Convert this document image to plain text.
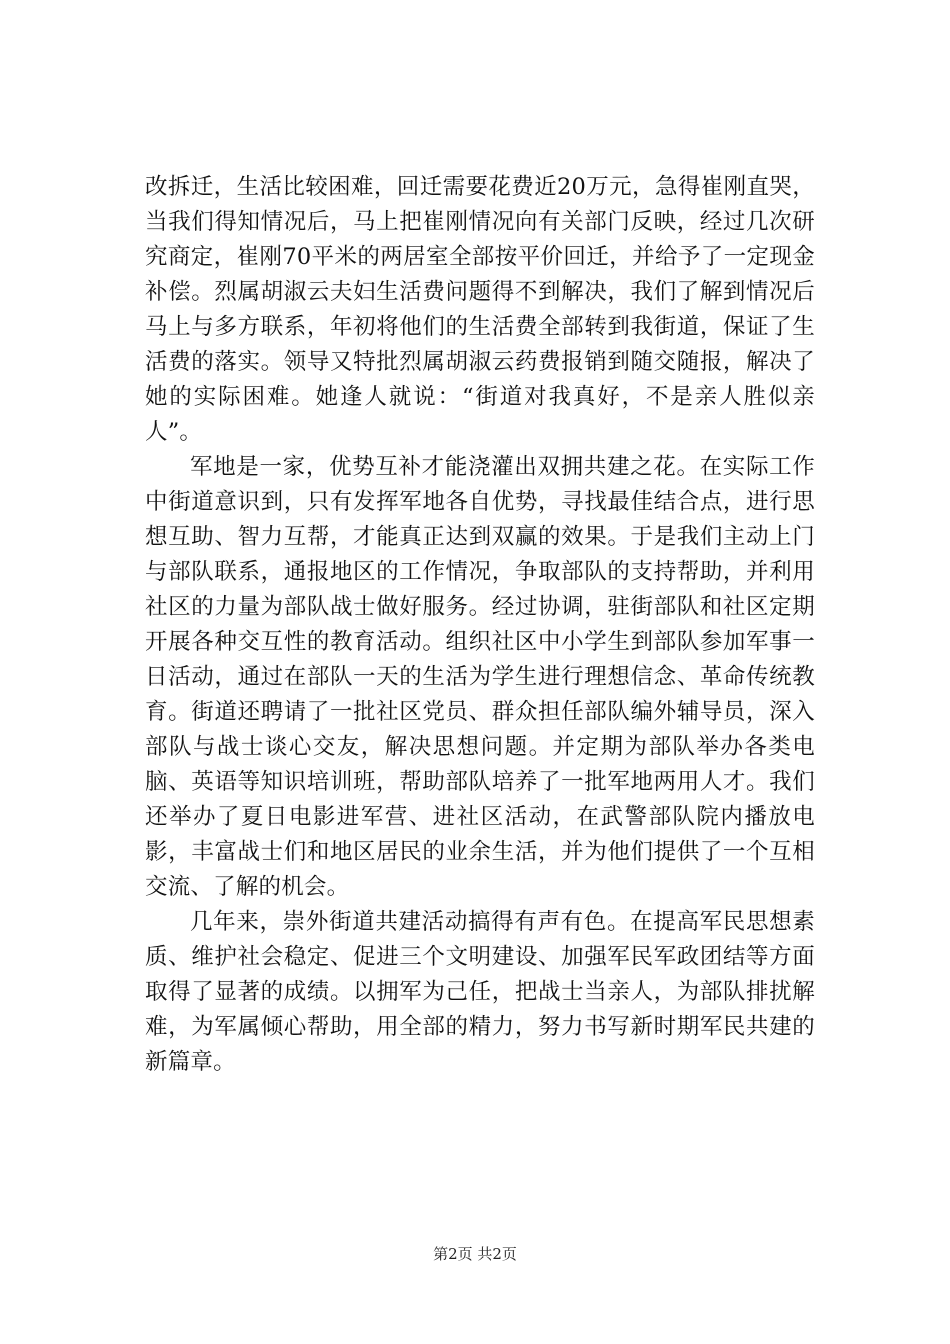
改拆迁，生活比较困难，回迁需要花费近20万元，急得崔刚直哭，当我们得知情况后，马上把崔刚情况向有关部门反映，经过几次研究商定，崔刚70平米的两居室全部按平价回迁，并给予了一定现金补偿。烈属胡淑云夫妇生活费问题得不到解决，我们了解到情况后马上与多方联系，年初将他们的生活费全部转到我街道，保证了生活费的落实。领导又特批烈属胡淑云药费报销到随交随报，解决了她的实际困难。她逢人就说：“街道对我真好，不是亲人胜似亲人”。

军地是一家，优势互补才能浇灌出双拥共建之花。在实际工作中街道意识到，只有发挥军地各自优势，寻找最佳结合点，进行思想互助、智力互帮，才能真正达到双赢的效果。于是我们主动上门与部队联系，通报地区的工作情况，争取部队的支持帮助，并利用社区的力量为部队战士做好服务。经过协调，驻街部队和社区定期开展各种交互性的教育活动。组织社区中小学生到部队参加军事一日活动，通过在部队一天的生活为学生进行理想信念、革命传统教育。街道还聘请了一批社区党员、群众担任部队编外辅导员，深入部队与战士谈心交友，解决思想问题。并定期为部队举办各类电脑、英语等知识培训班，帮助部队培养了一批军地两用人才。我们还举办了夏日电影进军营、进社区活动，在武警部队院内播放电影，丰富战士们和地区居民的业余生活，并为他们提供了一个互相交流、了解的机会。

几年来，崇外街道共建活动搞得有声有色。在提高军民思想素质、维护社会稳定、促进三个文明建设、加强军民军政团结等方面取得了显著的成绩。以拥军为己任，把战士当亲人，为部队排扰解难，为军属倾心帮助，用全部的精力，努力书写新时期军民共建的新篇章。

第2页 共2页
